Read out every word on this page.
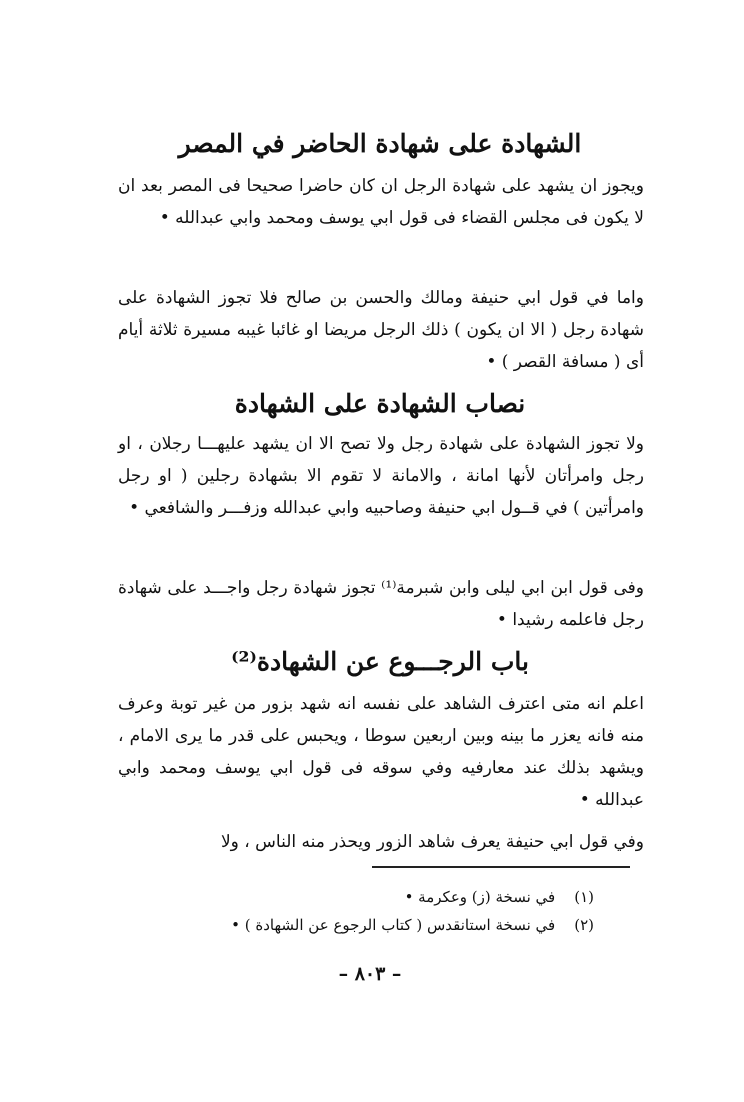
الشهادة على شهادة الحاضر في المصر
ويجوز ان يشهد على شهادة الرجل ان كان حاضرا صحيحا فى المصر بعد ان لا يكون فى مجلس القضاء فى قول ابي يوسف ومحمد وابي عبدالله •
واما في قول ابي حنيفة ومالك والحسن بن صالح فلا تجوز الشهادة على شهادة رجل ( الا ان يكون ) ذلك الرجل مريضا او غائبا غيبه مسيرة ثلاثة أيام أى ( مسافة القصر ) •
نصاب الشهادة على الشهادة
ولا تجوز الشهادة على شهادة رجل ولا تصح الا ان يشهد عليهـــا رجلان ، او رجل وامرأتان لأنها امانة ، والامانة لا تقوم الا بشهادة رجلين ( او رجل وامرأتين ) في قــول ابي حنيفة وصاحبيه وابي عبدالله وزفـــر والشافعي •
وفى قول ابن ابي ليلى وابن شبرمة⁽¹⁾ تجوز شهادة رجل واجـــد على شهادة رجل فاعلمه رشيدا •
باب الرجـــوع عن الشهادة⁽²⁾
اعلم انه متى اعترف الشاهد على نفسه انه شهد بزور من غير توبة وعرف منه فانه يعزر ما بينه وبين اربعين سوطا ، ويحبس على قدر ما يرى الامام ، ويشهد بذلك عند معارفيه وفي سوقه فى قول ابي يوسف ومحمد وابي عبدالله •
وفي قول ابي حنيفة يعرف شاهد الزور ويحذر منه الناس ، ولا
(١) في نسخة (ز) وعكرمة •
(٢) في نسخة استانقدس ( كتاب الرجوع عن الشهادة ) •
– ٨٠٣ –
